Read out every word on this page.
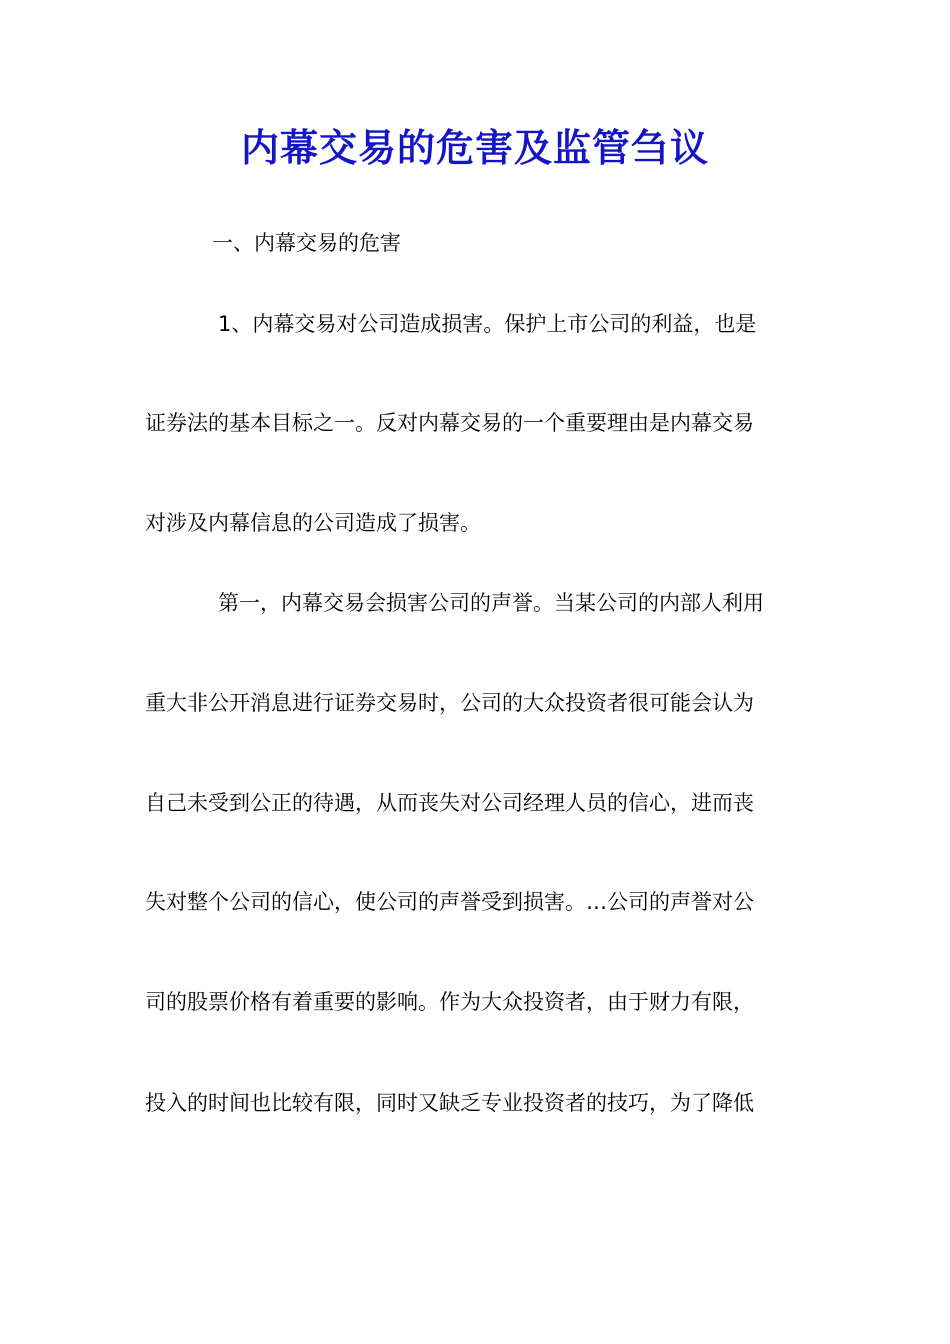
内幕交易的危害及监管刍议

一、内幕交易的危害

1、内幕交易对公司造成损害。保护上市公司的利益，也是

证券法的基本目标之一。反对内幕交易的一个重要理由是内幕交易

对涉及内幕信息的公司造成了损害。

第一，内幕交易会损害公司的声誉。当某公司的内部人利用

重大非公开消息进行证券交易时，公司的大众投资者很可能会认为

自己未受到公正的待遇，从而丧失对公司经理人员的信心，进而丧

失对整个公司的信心，使公司的声誉受到损害。…公司的声誉对公

司的股票价格有着重要的影响。作为大众投资者，由于财力有限，

投入的时间也比较有限，同时又缺乏专业投资者的技巧，为了降低
